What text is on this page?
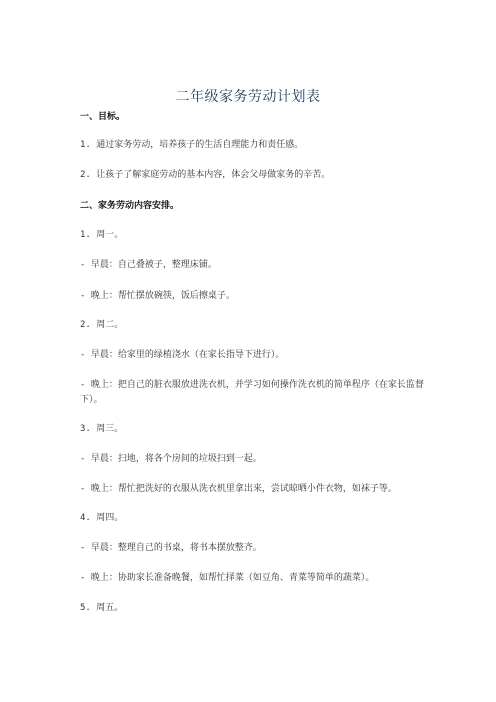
二年级家务劳动计划表
一、目标。
1. 通过家务劳动，培养孩子的生活自理能力和责任感。
2. 让孩子了解家庭劳动的基本内容，体会父母做家务的辛苦。
二、家务劳动内容安排。
1. 周一。
- 早晨：自己叠被子，整理床铺。
- 晚上：帮忙摆放碗筷，饭后擦桌子。
2. 周二。
- 早晨：给家里的绿植浇水（在家长指导下进行）。
- 晚上：把自己的脏衣服放进洗衣机，并学习如何操作洗衣机的简单程序（在家长监督下）。
3. 周三。
- 早晨：扫地，将各个房间的垃圾扫到一起。
- 晚上：帮忙把洗好的衣服从洗衣机里拿出来，尝试晾晒小件衣物，如袜子等。
4. 周四。
- 早晨：整理自己的书桌，将书本摆放整齐。
- 晚上：协助家长准备晚餐，如帮忙择菜（如豆角、青菜等简单的蔬菜）。
5. 周五。
